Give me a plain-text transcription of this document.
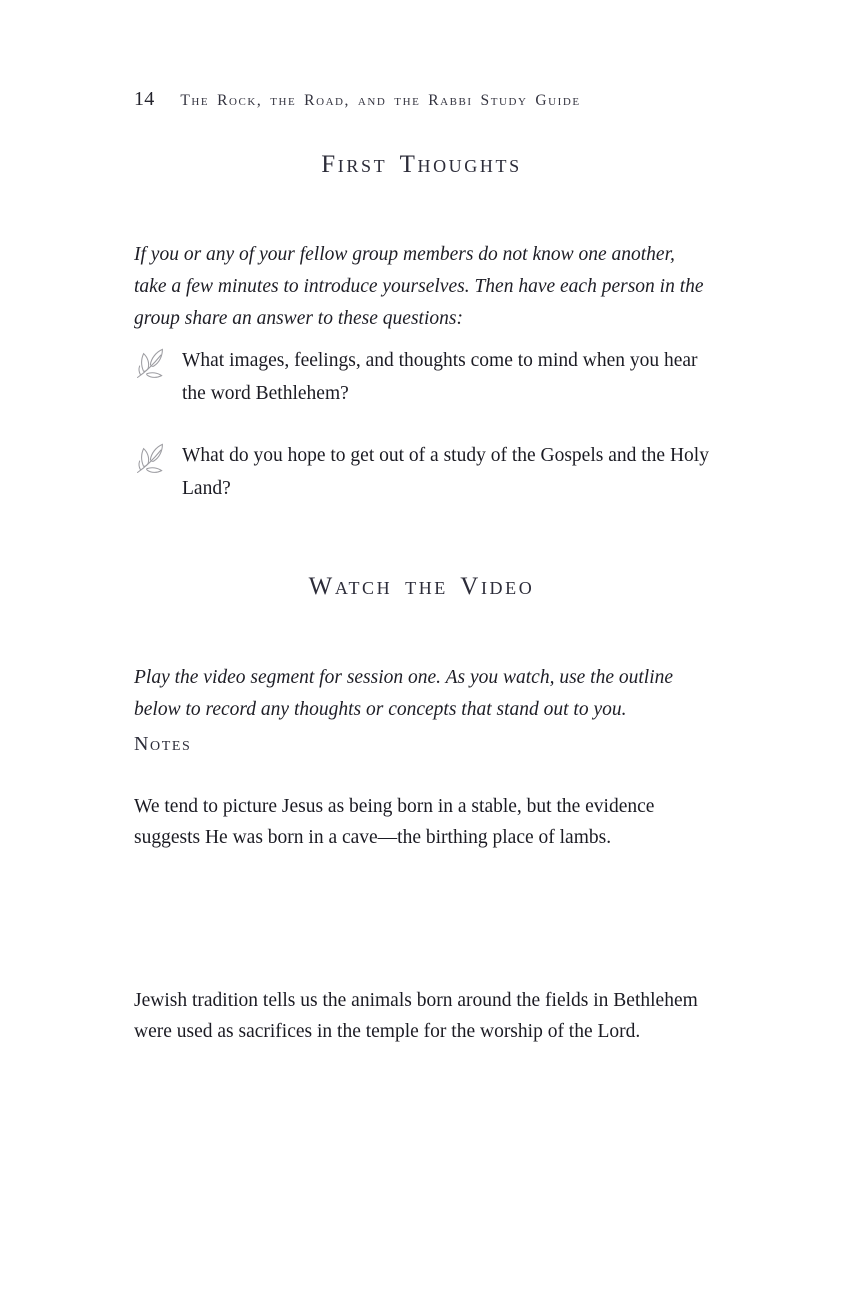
14 The Rock, the Road, and the Rabbi Study Guide
First Thoughts

If you or any of your fellow group members do not know one another, take a few minutes to introduce yourselves. Then have each person in the group share an answer to these questions:

What images, feelings, and thoughts come to mind when you hear the word Bethlehem?
What do you hope to get out of a study of the Gospels and the Holy Land?
Watch the Video

Play the video segment for session one. As you watch, use the outline below to record any thoughts or concepts that stand out to you.

Notes

We tend to picture Jesus as being born in a stable, but the evidence suggests He was born in a cave—the birthing place of lambs.

Jewish tradition tells us the animals born around the fields in Bethlehem were used as sacrifices in the temple for the worship of the Lord.
